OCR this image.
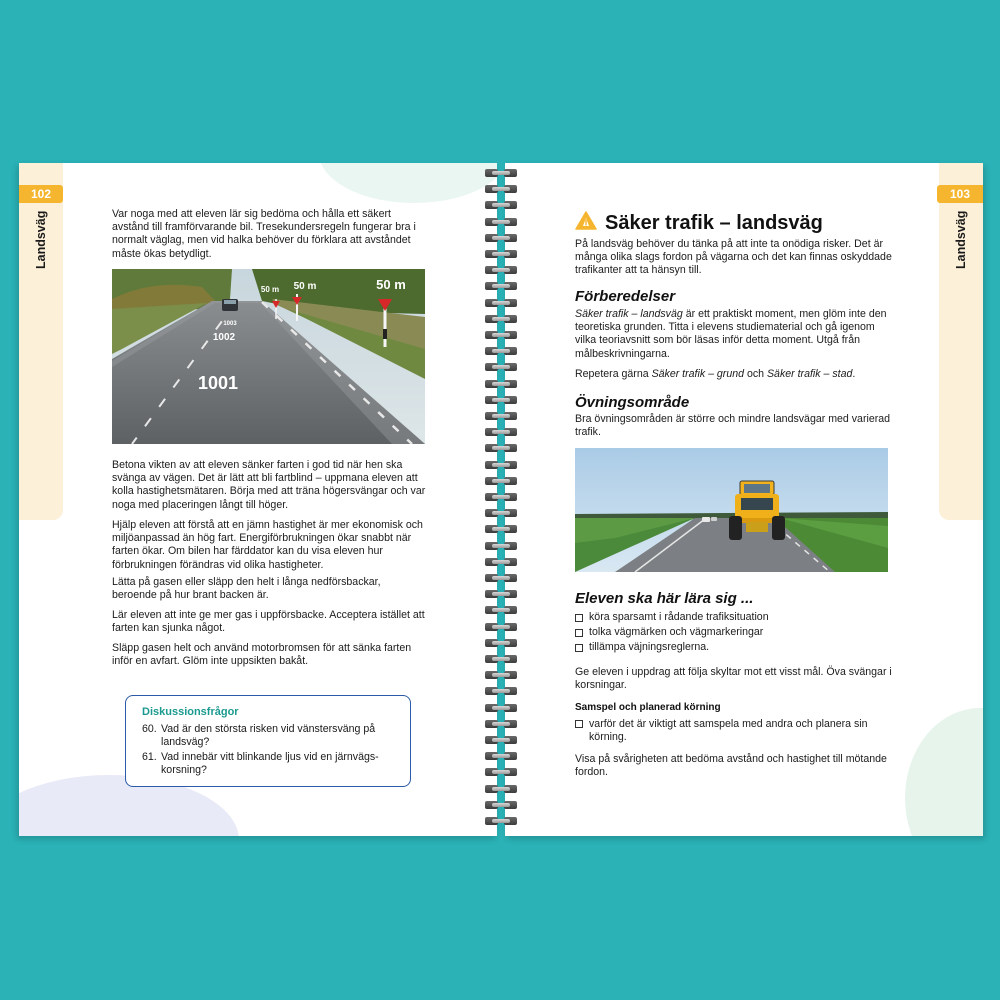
102
Landsväg	Var noga med att eleven lär sig bedöma och hålla ett säkert avstånd till framförvarande bil. Tresekundersregeln fungerar bra i normalt väglag, men vid halka behöver du förklara att avståndet måste ökas betydligt.
1003
1002
1001
50 m 50 m	50 m
Betona vikten av att eleven sänker farten i god tid när hen ska svänga av vägen. Det är lätt att bli fartblind – uppmana eleven att kolla hastighetsmätaren. Börja med att träna högersvängar och var noga med placeringen långt till höger.
Hjälp eleven att förstå att en jämn hastighet är mer ekonomisk och miljöanpassad än hög fart. Energiförbrukningen ökar snabbt när farten ökar. Om bilen har färddator kan du visa eleven hur förbrukningen förändras vid olika hastigheter.
Lätta på gasen eller släpp den helt i långa nedförsbackar, beroende på hur brant backen är.
Lär eleven att inte ge mer gas i uppförsbacke. Acceptera istället att farten kan sjunka något.
Släpp gasen helt och använd motorbromsen för att sänka farten inför en avfart. Glöm inte uppsikten bakåt.
Diskussionsfrågor
60. Vad är den största risken vid vänstersväng på landsväg?
61. Vad innebär vitt blinkande ljus vid en järnvägs-korsning?
103
Landsväg
Säker trafik – landsväg
På landsväg behöver du tänka på att inte ta onödiga risker. Det är många olika slags fordon på vägarna och det kan finnas oskyddade trafikanter att ta hänsyn till.
Förberedelser
Säker trafik – landsväg är ett praktiskt moment, men glöm inte den teoretiska grunden. Titta i elevens studiematerial och gå igenom vilka teoriavsnitt som bör läsas inför detta moment. Utgå från målbeskrivningarna.
Repetera gärna Säker trafik – grund och Säker trafik – stad.
Övningsområde
Bra övningsområden är större och mindre landsvägar med varierad trafik.
Eleven ska här lära sig ...
köra sparsamt i rådande trafiksituation
tolka vägmärken och vägmarkeringar
tillämpa väjningsreglerna.
Ge eleven i uppdrag att följa skyltar mot ett visst mål. Öva svängar i korsningar.
Samspel och planerad körning
varför det är viktigt att samspela med andra och planera sin körning.
Visa på svårigheten att bedöma avstånd och hastighet till mötande fordon.
